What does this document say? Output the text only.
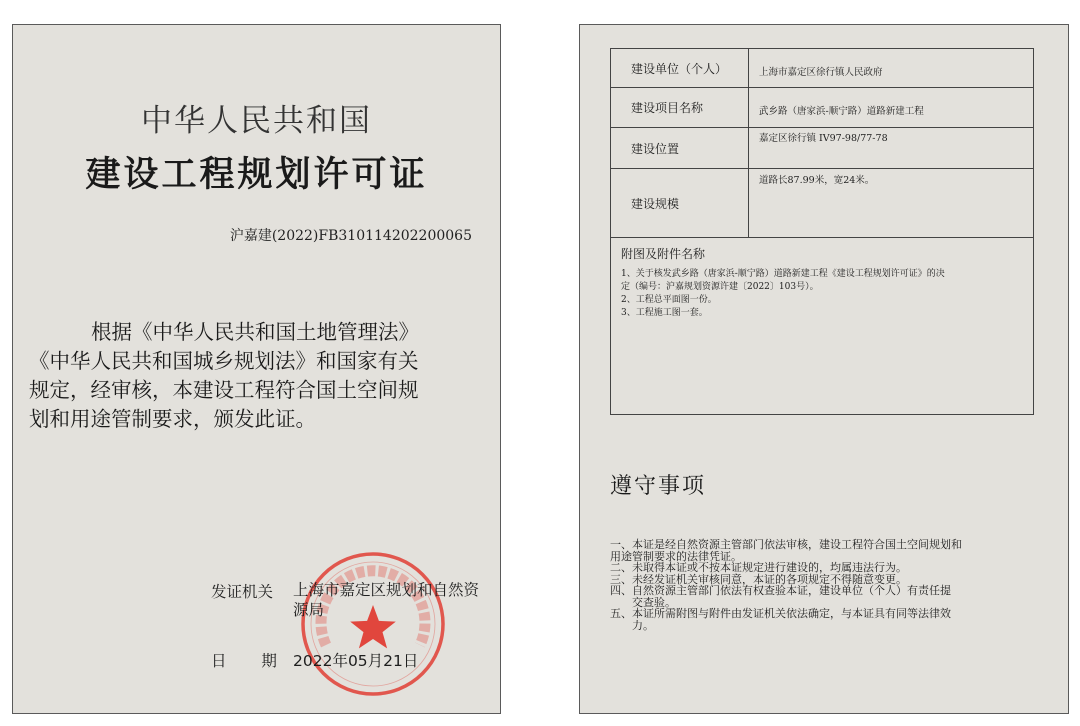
中华人民共和国
建设工程规划许可证
沪嘉建(2022)FB310114202200065
根据《中华人民共和国土地管理法》
《中华人民共和国城乡规划法》和国家有关
规定，经审核，本建设工程符合国土空间规
划和用途管制要求，颁发此证。
发证机关 上海市嘉定区规划和自然资源局
日 期 2022年05月21日
建设单位（个人）	上海市嘉定区徐行镇人民政府
建设项目名称	武乡路（唐家浜-顺宁路）道路新建工程
建设位置
嘉定区徐行镇 IV97-98/77-78
建设规模
道路长87.99米，宽24米。
附图及附件名称
1、关于核发武乡路（唐家浜-顺宁路）道路新建工程《建设工程规划许可证》的决
定（编号：沪嘉规划资源许建〔2022〕103号）。
2、工程总平面图一份。
3、工程施工图一套。
遵守事项
一、本证是经自然资源主管部门依法审核，建设工程符合国土空间规划和
用途管制要求的法律凭证。
二、未取得本证或不按本证规定进行建设的，均属违法行为。
三、未经发证机关审核同意，本证的各项规定不得随意变更。
四、自然资源主管部门依法有权查验本证，建设单位（个人）有责任提
交查验。
五、本证所需附图与附件由发证机关依法确定，与本证具有同等法律效
力。
